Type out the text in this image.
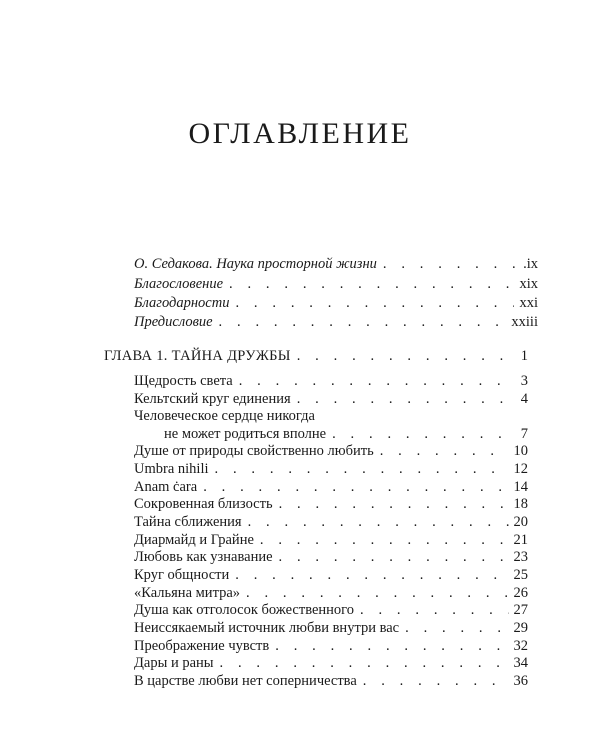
ОГЛАВЛЕНИЕ
О. Седакова. Наука просторной жизни . . .	.ix
Благословение . . .	xix
Благодарности . . .	xxi
Предисловие . . .	xxiii
ГЛАВА 1. ТАЙНА ДРУЖБЫ . . .	1
Щедрость света . . .	3
Кельтский круг единения . . .	4
Человеческое сердце никогда
не может родиться вполне . . .	7
Душе от природы свойственно любить . . .	10
Umbra nihili . . .	12
Anam ċara . . .	14
Сокровенная близость . . .	18
Тайна сближения . . .	20
Диармайд и Грайне . . .	21
Любовь как узнавание . . .	23
Круг общности . . .	25
«Кальяна митра» . . .	26
Душа как отголосок божественного . . .	27
Неиссякаемый источник любви внутри вас . . .	29
Преображение чувств . . .	32
Дары и раны . . .	34
В царстве любви нет соперничества . . .	36
